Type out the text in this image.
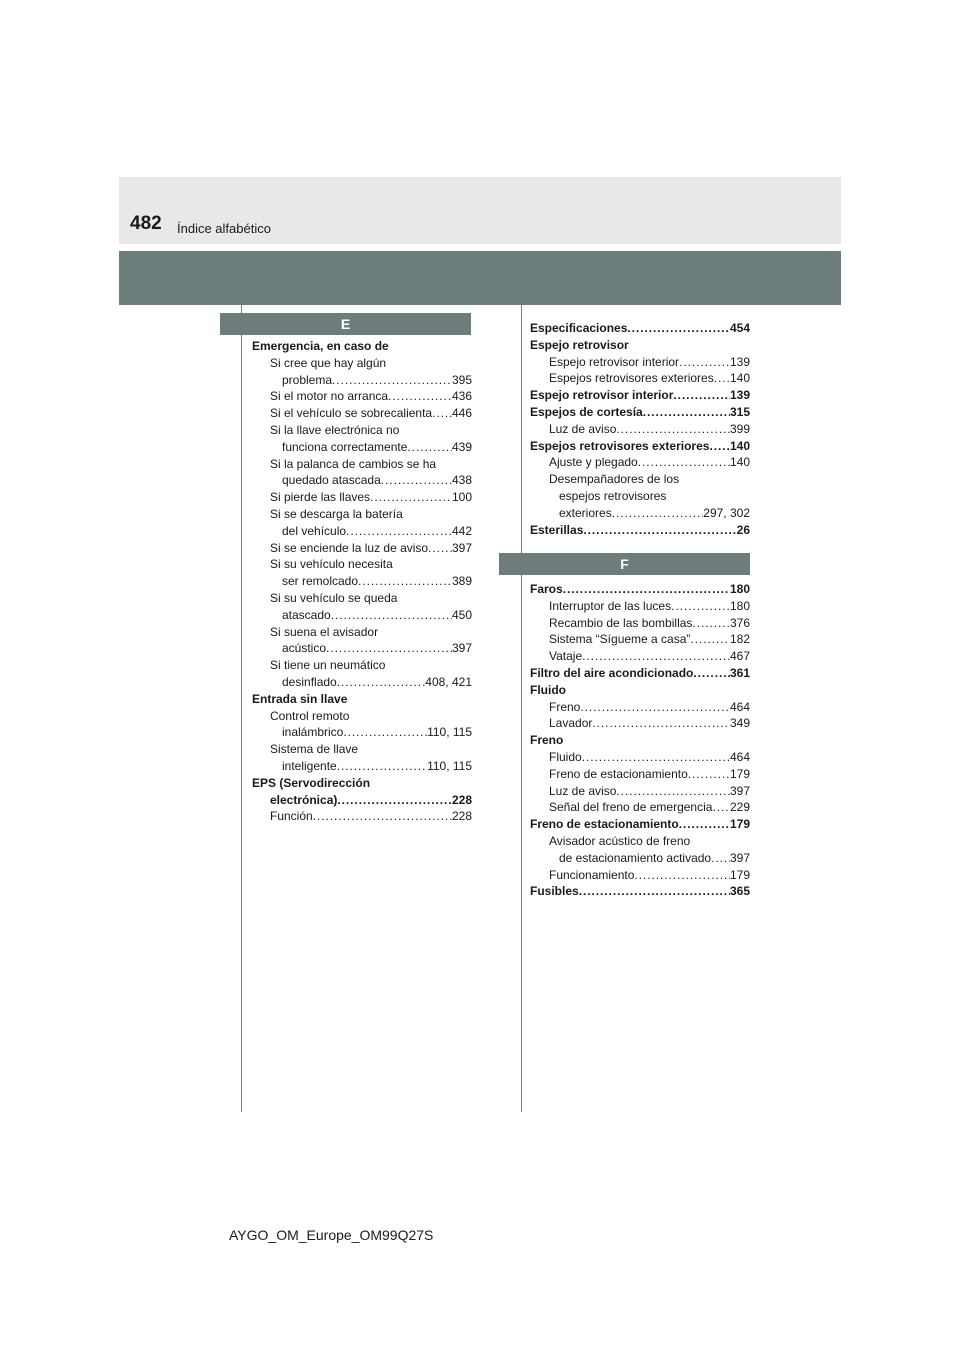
482 Índice alfabético
E
Emergencia, en caso de
Si cree que hay algún
problema . . .	395
Si el motor no arranca . . .	436
Si el vehículo se sobrecalienta . . . 446
Si la llave electrónica no
funciona correctamente . . .	439
Si la palanca de cambios se ha
quedado atascada . . .	438
Si pierde las llaves . . .	100
Si se descarga la batería
del vehículo . . .	442
Si se enciende la luz de aviso . . . 397
Si su vehículo necesita
ser remolcado . . .	389
Si su vehículo se queda
atascado . . .	450
Si suena el avisador
acústico . . .	397
Si tiene un neumático
desinflado . . .	408, 421
Entrada sin llave
Control remoto
inalámbrico . . .	110, 115
Sistema de llave
inteligente . . .	110, 115
EPS (Servodirección
electrónica) . . .	228
Función . . .	228
Especificaciones . . .	454
Espejo retrovisor
Espejo retrovisor interior . . .	139
Espejos retrovisores exteriores . . . 140
Espejo retrovisor interior . . .	139
Espejos de cortesía . . .	315
Luz de aviso . . .	399
Espejos retrovisores exteriores . . . 140
Ajuste y plegado . . .	140
Desempañadores de los
espejos retrovisores
exteriores . . .	297, 302
Esterillas . . .	26
F
Faros . . .	180
Interruptor de las luces . . .	180
Recambio de las bombillas . . .	376
Sistema “Sígueme a casa” . . .	182
Vataje . . .	467
Filtro del aire acondicionado . . .	361
Fluido
Freno . . .	464
Lavador . . .	349
Freno
Fluido . . .	464
Freno de estacionamiento . . .	179
Luz de aviso . . .	397
Señal del freno de emergencia . . . 229
Freno de estacionamiento . . .	179
Avisador acústico de freno
de estacionamiento activado . . . 397
Funcionamiento . . .	179
Fusibles . . .	365
AYGO_OM_Europe_OM99Q27S
